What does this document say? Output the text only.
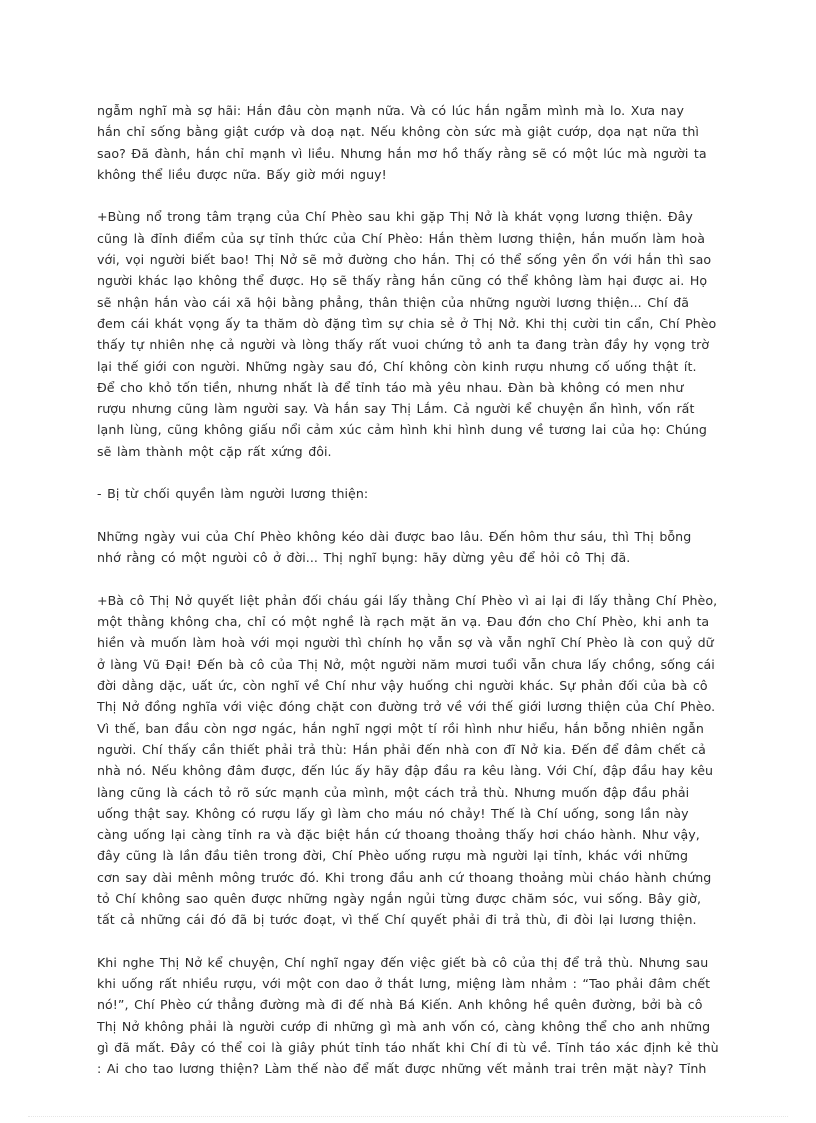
ngẫm nghĩ mà sợ hãi: Hắn đâu còn mạnh nữa. Và có lúc hắn ngẫm mình mà lo. Xưa nay
hắn chỉ sống bằng giật cướp và doạ nạt. Nếu không còn sức mà giật cướp, dọa nạt nữa thì
sao? Đã đành, hắn chỉ mạnh vì liều. Nhưng hắn mơ hồ thấy rằng sẽ có một lúc mà người ta
không thể liều được nữa. Bấy giờ mới nguy!

+Bùng nổ trong tâm trạng của Chí Phèo sau khi gặp Thị Nở là khát vọng lương thiện. Đây
cũng là đỉnh điểm của sự tỉnh thức của Chí Phèo: Hắn thèm lương thiện, hắn muốn làm hoà
với, vọi người biết bao! Thị Nở sẽ mở đường cho hắn. Thị có thể sống yên ổn với hắn thì sao
người khác lạo không thể được. Họ sẽ thấy rằng hắn cũng có thể không làm hại được ai. Họ
sẽ nhận hắn vào cái xã hội bằng phẳng, thân thiện của những người lương thiện... Chí đã
đem cái khát vọng ấy ta thăm dò đặng tìm sự chia sẻ ở Thị Nở. Khi thị cười tin cẩn, Chí Phèo
thấy tự nhiên nhẹ cả người và lòng thấy rất vuoi chứng tỏ anh ta đang tràn đầy hy vọng trờ
lại thế giới con người. Những ngày sau đó, Chí không còn kinh rượu nhưng cố uống thật ít.
Để cho khỏ tốn tiền, nhưng nhất là để tỉnh táo mà yêu nhau. Đàn bà không có men như
rượu nhưng cũng làm người say. Và hắn say Thị Lắm. Cả người kể chuyện ẩn hình, vốn rất
lạnh lùng, cũng không giấu nổi cảm xúc cảm hình khi hình dung về tương lai của họ: Chúng
sẽ làm thành một cặp rất xứng đôi.

- Bị từ chối quyền làm người lương thiện:

Những ngày vui của Chí Phèo không kéo dài được bao lâu. Đến hôm thư sáu, thì Thị bỗng
nhớ rằng có một ngưòi cô ở đời... Thị nghĩ bụng: hãy dừng yêu để hỏi cô Thị đã.

+Bà cô Thị Nở quyết liệt phản đối cháu gái lấy thằng Chí Phèo vì ai lại đi lấy thằng Chí Phèo,
một thằng không cha, chỉ có một nghề là rạch mặt ăn vạ. Đau đớn cho Chí Phèo, khi anh ta
hiền và muốn làm hoà với mọi người thì chính họ vẫn sợ và vẫn nghĩ Chí Phèo là con quỷ dữ
ở làng Vũ Đại! Đến bà cô của Thị Nở, một người năm mươi tuổi vẫn chưa lấy chồng, sống cái
đời dằng dặc, uất ức, còn nghĩ về Chí như vậy huống chi người khác. Sự phản đối của bà cô
Thị Nở đồng nghĩa với việc đóng chặt con đường trở về với thế giới lương thiện của Chí Phèo.
Vì thế, ban đầu còn ngơ ngác, hắn nghĩ ngợi một tí rồi hình như hiểu, hắn bỗng nhiên ngẫn
người. Chí thấy cần thiết phải trả thù: Hắn phải đến nhà con đĩ Nở kia. Đến để đâm chết cả
nhà nó. Nếu không đâm được, đến lúc ấy hãy đập đầu ra kêu làng. Với Chí, đập đầu hay kêu
làng cũng là cách tỏ rõ sức mạnh của mình, một cách trả thù. Nhưng muốn đập đầu phải
uống thật say. Không có rượu lấy gì làm cho máu nó chảy! Thế là Chí uống, song lần này
càng uống lại càng tỉnh ra và đặc biệt hắn cứ thoang thoảng thấy hơi cháo hành. Như vậy,
đây cũng là lần đầu tiên trong đời, Chí Phèo uống rượu mà người lại tỉnh, khác với những
cơn say dài mênh mông trước đó. Khi trong đầu anh cứ thoang thoảng mùi cháo hành chứng
tỏ Chí không sao quên được những ngày ngắn ngủi từng được chăm sóc, vui sống. Bây giờ,
tất cả những cái đó đã bị tước đoạt, vì thế Chí quyết phải đi trả thù, đi đòi lại lương thiện.

Khi nghe Thị Nở kể chuyện, Chí nghĩ ngay đến việc giết bà cô của thị để trả thù. Nhưng sau
khi uống rất nhiều rượu, với một con dao ở thắt lưng, miệng làm nhảm : “Tao phải đâm chết
nó!”, Chí Phèo cứ thẳng đường mà đi đế nhà Bá Kiến. Anh không hề quên đường, bởi bà cô
Thị Nở không phải là người cướp đi những gì mà anh vốn có, càng không thể cho anh những
gì đã mất. Đây có thể coi là giây phút tỉnh táo nhất khi Chí đi tù về. Tỉnh táo xác định kẻ thù
: Ai cho tao lương thiện? Làm thế nào để mất được những vết mảnh trai trên mặt này? Tỉnh
